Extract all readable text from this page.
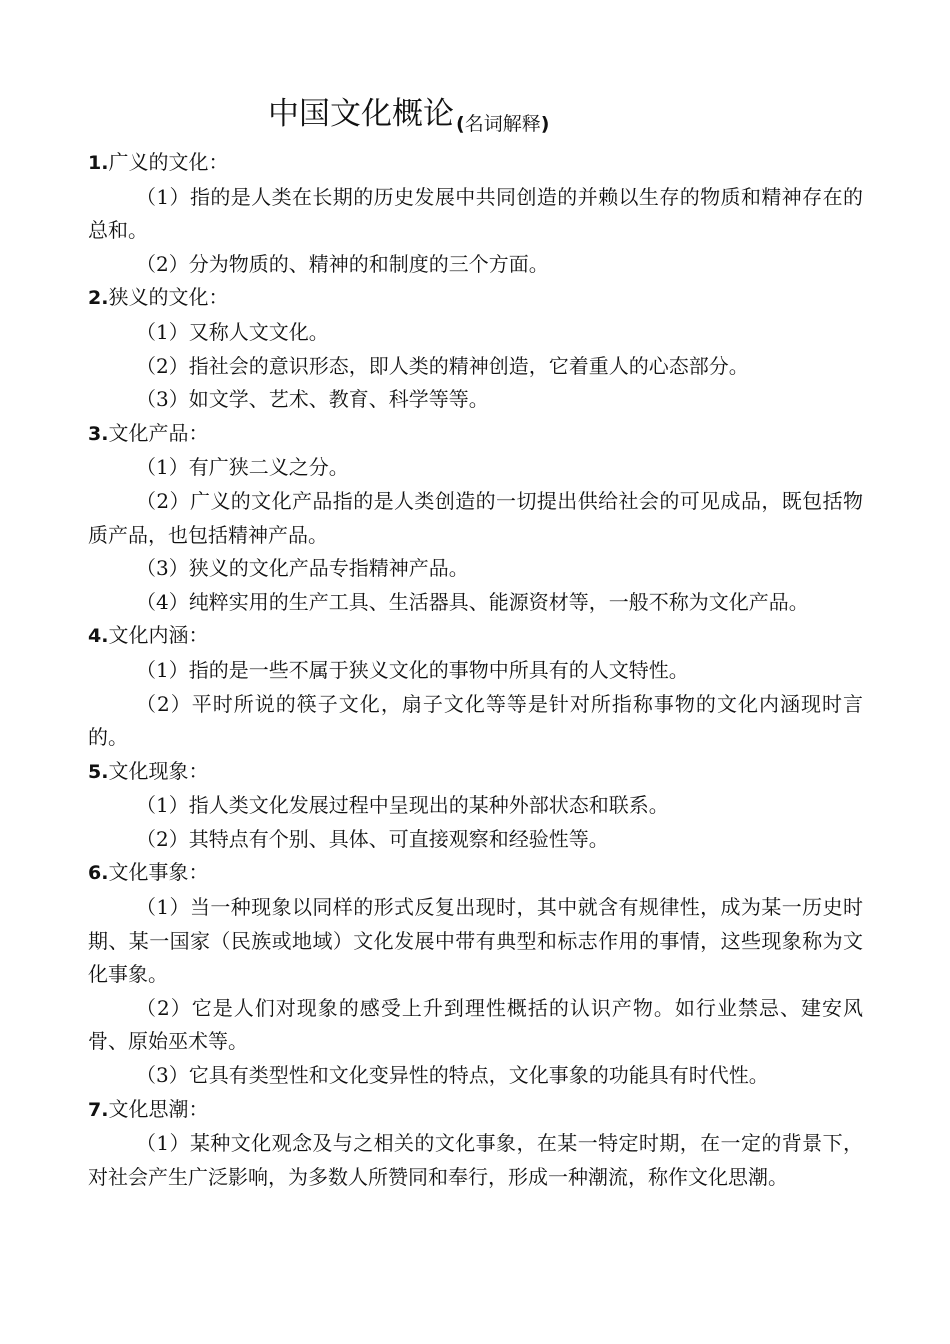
中国文化概论 (名词解释)
1.广义的文化：
（1）指的是人类在长期的历史发展中共同创造的并赖以生存的物质和精神存在的总和。
（2）分为物质的、精神的和制度的三个方面。
2.狭义的文化：
（1）又称人文文化。
（2）指社会的意识形态，即人类的精神创造，它着重人的心态部分。
（3）如文学、艺术、教育、科学等等。
3.文化产品：
（1）有广狭二义之分。
（2）广义的文化产品指的是人类创造的一切提出供给社会的可见成品，既包括物质产品，也包括精神产品。
（3）狭义的文化产品专指精神产品。
（4）纯粹实用的生产工具、生活器具、能源资材等，一般不称为文化产品。
4.文化内涵：
（1）指的是一些不属于狭义文化的事物中所具有的人文特性。
（2）平时所说的筷子文化，扇子文化等等是针对所指称事物的文化内涵现时言的。
5.文化现象：
（1）指人类文化发展过程中呈现出的某种外部状态和联系。
（2）其特点有个别、具体、可直接观察和经验性等。
6.文化事象：
（1）当一种现象以同样的形式反复出现时，其中就含有规律性，成为某一历史时期、某一国家（民族或地域）文化发展中带有典型和标志作用的事情，这些现象称为文化事象。
（2）它是人们对现象的感受上升到理性概括的认识产物。如行业禁忌、建安风骨、原始巫术等。
（3）它具有类型性和文化变异性的特点，文化事象的功能具有时代性。
7.文化思潮：
（1）某种文化观念及与之相关的文化事象，在某一特定时期，在一定的背景下，对社会产生广泛影响，为多数人所赞同和奉行，形成一种潮流，称作文化思潮。
